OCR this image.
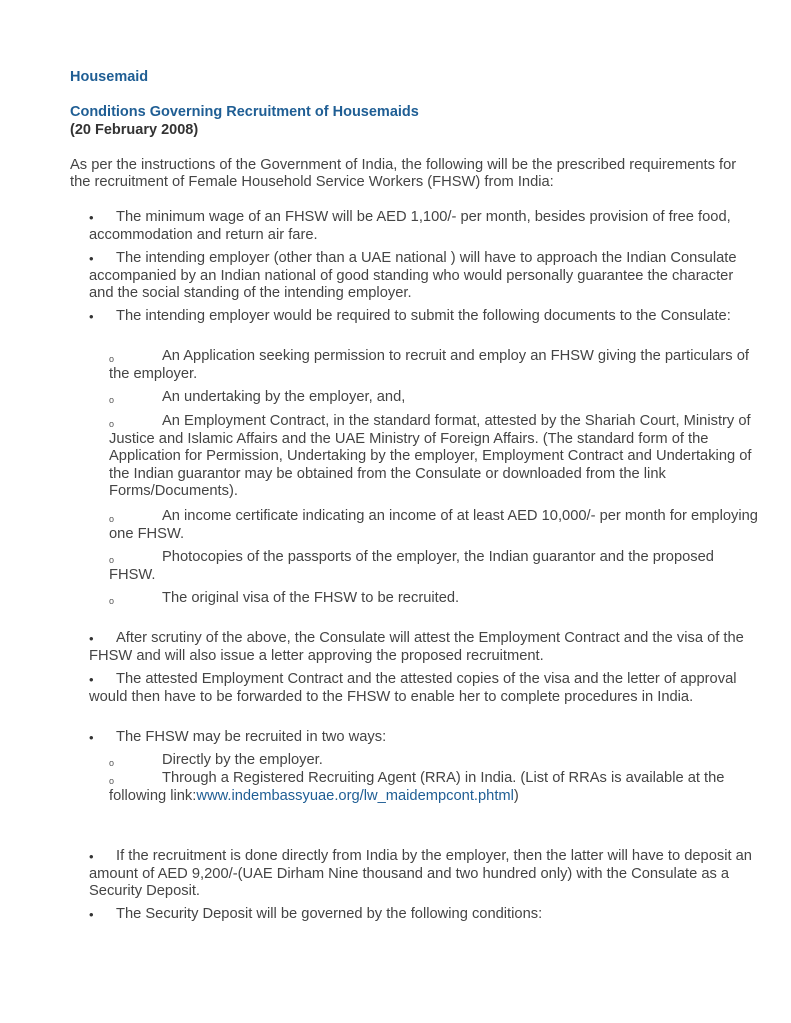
Housemaid
Conditions Governing Recruitment of Housemaids
(20 February 2008)
As per the instructions of the Government of India, the following will be the prescribed requirements for the recruitment of Female Household Service Workers (FHSW) from India:
•	The minimum wage of an FHSW will be AED 1,100/- per month, besides provision of free food, accommodation and return air fare.
•	The intending employer (other than a UAE national ) will have to approach the Indian Consulate accompanied by an Indian national of good standing who would personally guarantee the character and the social standing of the intending employer.
•	The intending employer would be required to submit the following documents to the Consulate:
o	An Application seeking permission to recruit and employ an FHSW giving the particulars of the employer.
o	An undertaking by the employer, and,
o	An Employment Contract, in the standard format, attested by the Shariah Court, Ministry of Justice and Islamic Affairs and the UAE Ministry of Foreign Affairs. (The standard form of the Application for Permission, Undertaking by the employer, Employment Contract and Undertaking of the Indian guarantor may be obtained from the Consulate or downloaded from the link Forms/Documents).
o	An income certificate indicating an income of at least AED 10,000/- per month for employing one FHSW.
o	Photocopies of the passports of the employer, the Indian guarantor and the proposed FHSW.
o	The original visa of the FHSW to be recruited.
•	After scrutiny of the above, the Consulate will attest the Employment Contract and the visa of the FHSW and will also issue a letter approving the proposed recruitment.
•	The attested Employment Contract and the attested copies of the visa and the letter of approval would then have to be forwarded to the FHSW to enable her to complete procedures in India.
•	The FHSW may be recruited in two ways:
o	Directly by the employer.
o	Through a Registered Recruiting Agent (RRA) in India. (List of RRAs is available at the following link:www.indembassyuae.org/lw_maidempcont.phtml)
•	If the recruitment is done directly from India by the employer, then the latter will have to deposit an amount of AED 9,200/-(UAE Dirham Nine thousand and two hundred only) with the Consulate as a Security Deposit.
•	The Security Deposit will be governed by the following conditions:
